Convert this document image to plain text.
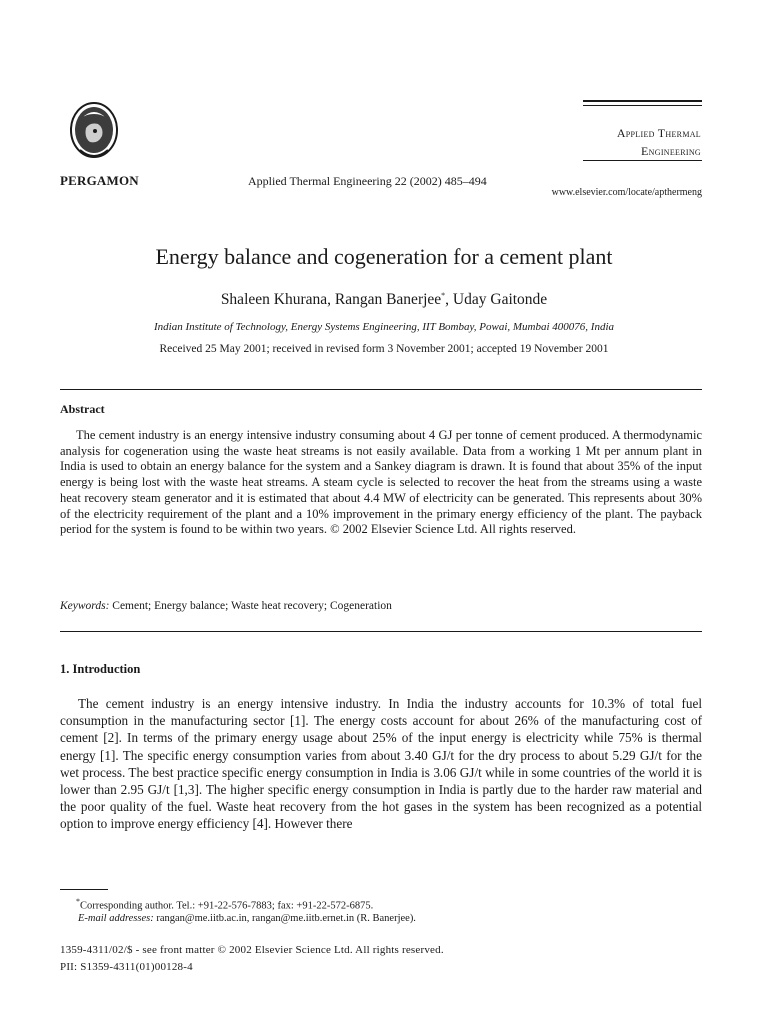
PERGAMON	Applied Thermal Engineering 22 (2002) 485–494
Applied Thermal
Engineering
www.elsevier.com/locate/apthermeng
Energy balance and cogeneration for a cement plant
Shaleen Khurana, Rangan Banerjee*, Uday Gaitonde
Indian Institute of Technology, Energy Systems Engineering, IIT Bombay, Powai, Mumbai 400076, India
Received 25 May 2001; received in revised form 3 November 2001; accepted 19 November 2001
Abstract

The cement industry is an energy intensive industry consuming about 4 GJ per tonne of cement produced. A thermodynamic analysis for cogeneration using the waste heat streams is not easily available. Data from a working 1 Mt per annum plant in India is used to obtain an energy balance for the system and a Sankey diagram is drawn. It is found that about 35% of the input energy is being lost with the waste heat streams. A steam cycle is selected to recover the heat from the streams using a waste heat recovery steam generator and it is estimated that about 4.4 MW of electricity can be generated. This represents about 30% of the electricity requirement of the plant and a 10% improvement in the primary energy efficiency of the plant. The payback period for the system is found to be within two years. © 2002 Elsevier Science Ltd. All rights reserved.

Keywords: Cement; Energy balance; Waste heat recovery; Cogeneration
1. Introduction

The cement industry is an energy intensive industry. In India the industry accounts for 10.3% of total fuel consumption in the manufacturing sector [1]. The energy costs account for about 26% of the manufacturing cost of cement [2]. In terms of the primary energy usage about 25% of the input energy is electricity while 75% is thermal energy [1]. The specific energy consumption varies from about 3.40 GJ/t for the dry process to about 5.29 GJ/t for the wet process. The best practice specific energy consumption in India is 3.06 GJ/t while in some countries of the world it is lower than 2.95 GJ/t [1,3]. The higher specific energy consumption in India is partly due to the harder raw material and the poor quality of the fuel. Waste heat recovery from the hot gases in the system has been recognized as a potential option to improve energy efficiency [4]. However there

*Corresponding author. Tel.: +91-22-576-7883; fax: +91-22-572-6875.
E-mail addresses: rangan@me.iitb.ac.in, rangan@me.iitb.ernet.in (R. Banerjee).
1359-4311/02/$ - see front matter © 2002 Elsevier Science Ltd. All rights reserved.
PII: S1359-4311(01)00128-4
